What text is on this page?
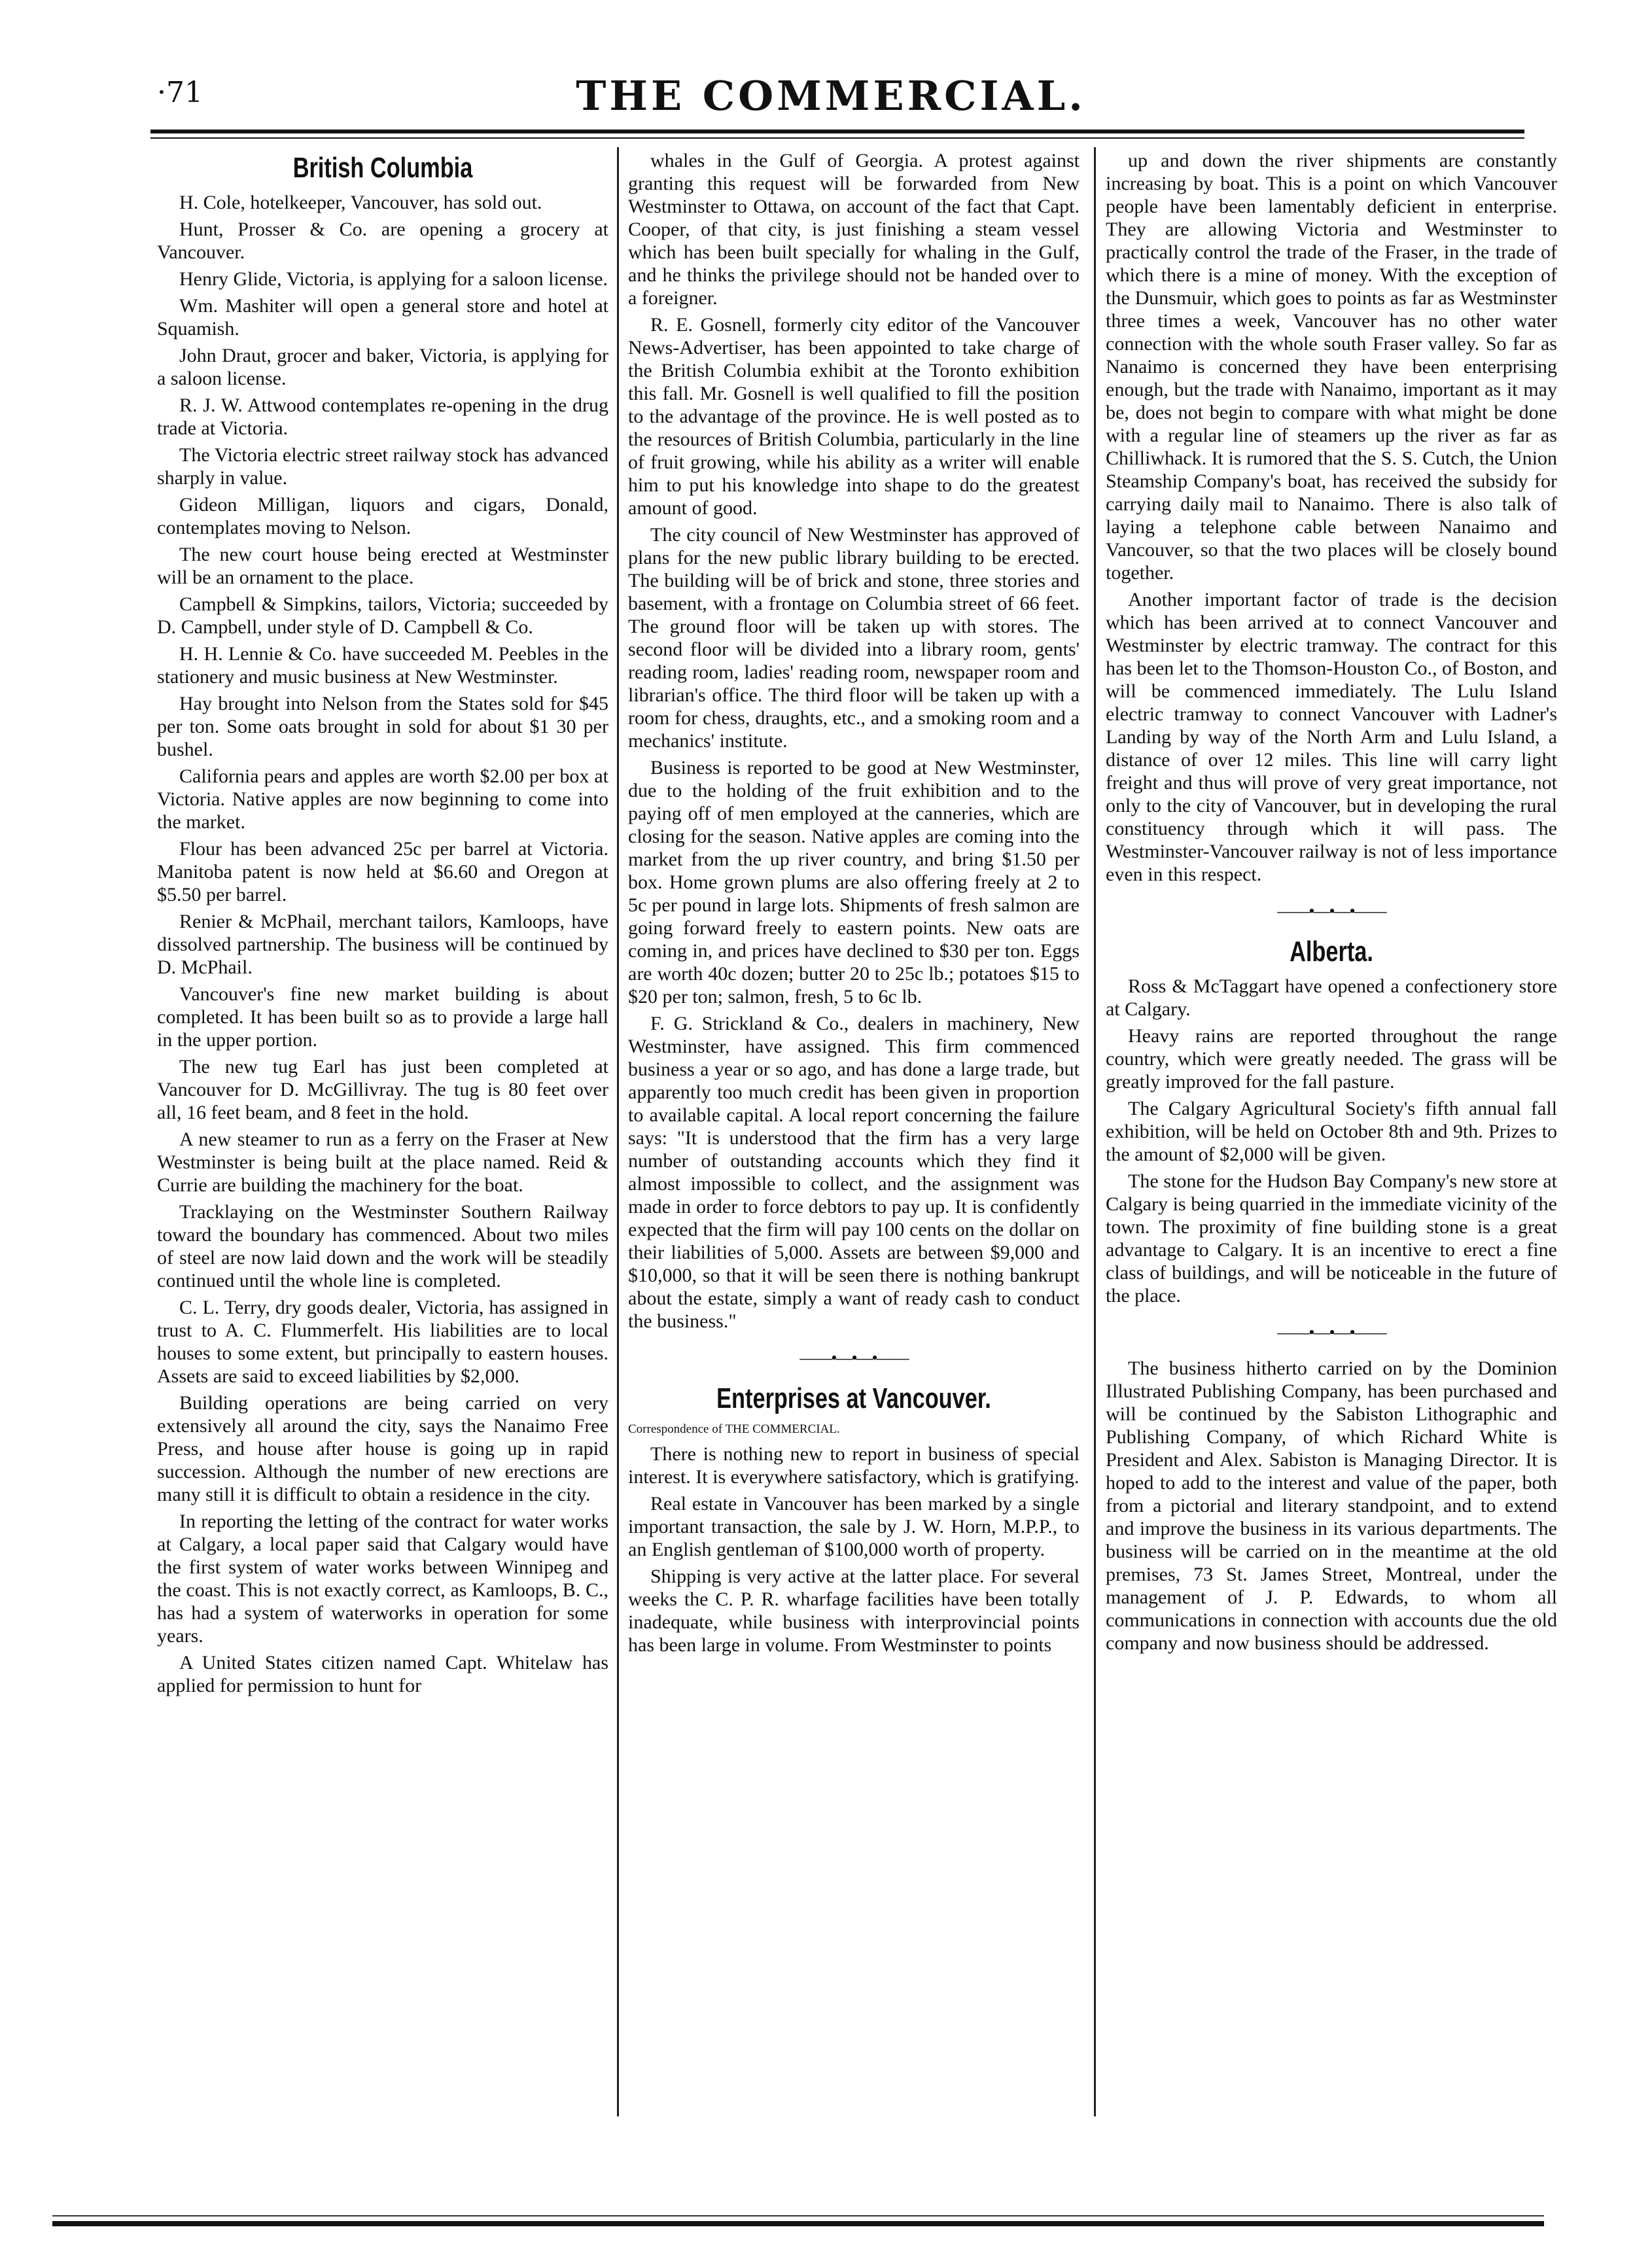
·71	THE COMMERCIAL.
British Columbia

H. Cole, hotelkeeper, Vancouver, has sold out.

Hunt, Prosser & Co. are opening a grocery at Vancouver.

Henry Glide, Victoria, is applying for a saloon license.

Wm. Mashiter will open a general store and hotel at Squamish.

John Draut, grocer and baker, Victoria, is applying for a saloon license.

R. J. W. Attwood contemplates re-opening in the drug trade at Victoria.

The Victoria electric street railway stock has advanced sharply in value.

Gideon Milligan, liquors and cigars, Donald, contemplates moving to Nelson.

The new court house being erected at Westminster will be an ornament to the place.

Campbell & Simpkins, tailors, Victoria; succeeded by D. Campbell, under style of D. Campbell & Co.

H. H. Lennie & Co. have succeeded M. Peebles in the stationery and music business at New Westminster.

Hay brought into Nelson from the States sold for $45 per ton. Some oats brought in sold for about $1 30 per bushel.

California pears and apples are worth $2.00 per box at Victoria. Native apples are now beginning to come into the market.

Flour has been advanced 25c per barrel at Victoria. Manitoba patent is now held at $6.60 and Oregon at $5.50 per barrel.

Renier & McPhail, merchant tailors, Kamloops, have dissolved partnership. The business will be continued by D. McPhail.

Vancouver's fine new market building is about completed. It has been built so as to provide a large hall in the upper portion.

The new tug Earl has just been completed at Vancouver for D. McGillivray. The tug is 80 feet over all, 16 feet beam, and 8 feet in the hold.

A new steamer to run as a ferry on the Fraser at New Westminster is being built at the place named. Reid & Currie are building the machinery for the boat.

Tracklaying on the Westminster Southern Railway toward the boundary has commenced. About two miles of steel are now laid down and the work will be steadily continued until the whole line is completed.

C. L. Terry, dry goods dealer, Victoria, has assigned in trust to A. C. Flummerfelt. His liabilities are to local houses to some extent, but principally to eastern houses. Assets are said to exceed liabilities by $2,000.

Building operations are being carried on very extensively all around the city, says the Nanaimo Free Press, and house after house is going up in rapid succession. Although the number of new erections are many still it is difficult to obtain a residence in the city.

In reporting the letting of the contract for water works at Calgary, a local paper said that Calgary would have the first system of water works between Winnipeg and the coast. This is not exactly correct, as Kamloops, B. C., has had a system of waterworks in operation for some years.

A United States citizen named Capt. Whitelaw has applied for permission to hunt for

whales in the Gulf of Georgia. A protest against granting this request will be forwarded from New Westminster to Ottawa, on account of the fact that Capt. Cooper, of that city, is just finishing a steam vessel which has been built specially for whaling in the Gulf, and he thinks the privilege should not be handed over to a foreigner.

R. E. Gosnell, formerly city editor of the Vancouver News-Advertiser, has been appointed to take charge of the British Columbia exhibit at the Toronto exhibition this fall. Mr. Gosnell is well qualified to fill the position to the advantage of the province. He is well posted as to the resources of British Columbia, particularly in the line of fruit growing, while his ability as a writer will enable him to put his knowledge into shape to do the greatest amount of good.

The city council of New Westminster has approved of plans for the new public library building to be erected. The building will be of brick and stone, three stories and basement, with a frontage on Columbia street of 66 feet. The ground floor will be taken up with stores. The second floor will be divided into a library room, gents' reading room, ladies' reading room, newspaper room and librarian's office. The third floor will be taken up with a room for chess, draughts, etc., and a smoking room and a mechanics' institute.

Business is reported to be good at New Westminster, due to the holding of the fruit exhibition and to the paying off of men employed at the canneries, which are closing for the season. Native apples are coming into the market from the up river country, and bring $1.50 per box. Home grown plums are also offering freely at 2 to 5c per pound in large lots. Shipments of fresh salmon are going forward freely to eastern points. New oats are coming in, and prices have declined to $30 per ton. Eggs are worth 40c dozen; butter 20 to 25c lb.; potatoes $15 to $20 per ton; salmon, fresh, 5 to 6c lb.

F. G. Strickland & Co., dealers in machinery, New Westminster, have assigned. This firm commenced business a year or so ago, and has done a large trade, but apparently too much credit has been given in proportion to available capital. A local report concerning the failure says: "It is understood that the firm has a very large number of outstanding accounts which they find it almost impossible to collect, and the assignment was made in order to force debtors to pay up. It is confidently expected that the firm will pay 100 cents on the dollar on their liabilities of 5,000. Assets are between $9,000 and $10,000, so that it will be seen there is nothing bankrupt about the estate, simply a want of ready cash to conduct the business."

——•—•—•——
Enterprises at Vancouver.
Correspondence of THE COMMERCIAL.

There is nothing new to report in business of special interest. It is everywhere satisfactory, which is gratifying.

Real estate in Vancouver has been marked by a single important transaction, the sale by J. W. Horn, M.P.P., to an English gentleman of $100,000 worth of property.

Shipping is very active at the latter place. For several weeks the C. P. R. wharfage facilities have been totally inadequate, while business with interprovincial points has been large in volume. From Westminster to points

up and down the river shipments are constantly increasing by boat. This is a point on which Vancouver people have been lamentably deficient in enterprise. They are allowing Victoria and Westminster to practically control the trade of the Fraser, in the trade of which there is a mine of money. With the exception of the Dunsmuir, which goes to points as far as Westminster three times a week, Vancouver has no other water connection with the whole south Fraser valley. So far as Nanaimo is concerned they have been enterprising enough, but the trade with Nanaimo, important as it may be, does not begin to compare with what might be done with a regular line of steamers up the river as far as Chilliwhack. It is rumored that the S. S. Cutch, the Union Steamship Company's boat, has received the subsidy for carrying daily mail to Nanaimo. There is also talk of laying a telephone cable between Nanaimo and Vancouver, so that the two places will be closely bound together.

Another important factor of trade is the decision which has been arrived at to connect Vancouver and Westminster by electric tramway. The contract for this has been let to the Thomson-Houston Co., of Boston, and will be commenced immediately. The Lulu Island electric tramway to connect Vancouver with Ladner's Landing by way of the North Arm and Lulu Island, a distance of over 12 miles. This line will carry light freight and thus will prove of very great importance, not only to the city of Vancouver, but in developing the rural constituency through which it will pass. The Westminster-Vancouver railway is not of less importance even in this respect.

——•—•—•——
Alberta.

Ross & McTaggart have opened a confectionery store at Calgary.

Heavy rains are reported throughout the range country, which were greatly needed. The grass will be greatly improved for the fall pasture.

The Calgary Agricultural Society's fifth annual fall exhibition, will be held on October 8th and 9th. Prizes to the amount of $2,000 will be given.

The stone for the Hudson Bay Company's new store at Calgary is being quarried in the immediate vicinity of the town. The proximity of fine building stone is a great advantage to Calgary. It is an incentive to erect a fine class of buildings, and will be noticeable in the future of the place.

——•—•—•——

The business hitherto carried on by the Dominion Illustrated Publishing Company, has been purchased and will be continued by the Sabiston Lithographic and Publishing Company, of which Richard White is President and Alex. Sabiston is Managing Director. It is hoped to add to the interest and value of the paper, both from a pictorial and literary standpoint, and to extend and improve the business in its various departments. The business will be carried on in the meantime at the old premises, 73 St. James Street, Montreal, under the management of J. P. Edwards, to whom all communications in connection with accounts due the old company and now business should be addressed.
